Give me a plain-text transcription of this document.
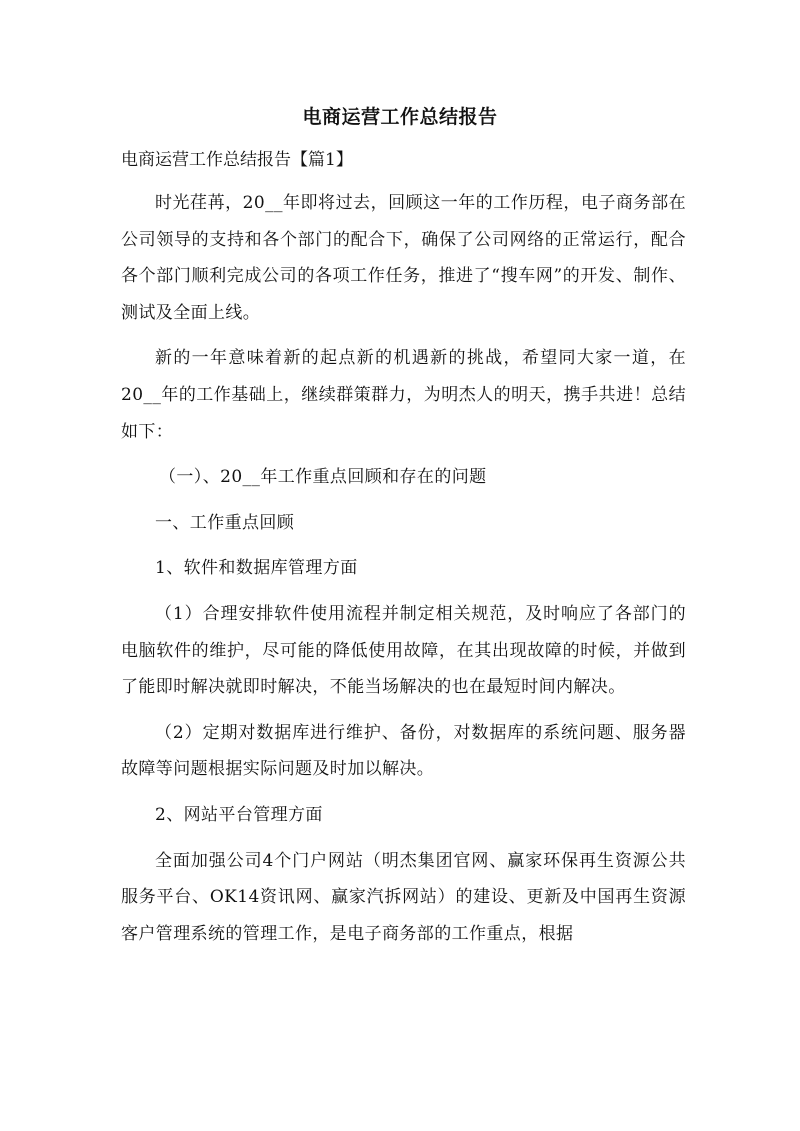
电商运营工作总结报告
电商运营工作总结报告【篇1】

时光荏苒，20__年即将过去，回顾这一年的工作历程，电子商务部在公司领导的支持和各个部门的配合下，确保了公司网络的正常运行，配合各个部门顺利完成公司的各项工作任务，推进了“搜车网”的开发、制作、测试及全面上线。

新的一年意味着新的起点新的机遇新的挑战，希望同大家一道，在20__年的工作基础上，继续群策群力，为明杰人的明天，携手共进！总结如下：

（一）、20__年工作重点回顾和存在的问题

一、工作重点回顾

1、软件和数据库管理方面

（1）合理安排软件使用流程并制定相关规范，及时响应了各部门的电脑软件的维护，尽可能的降低使用故障，在其出现故障的时候，并做到了能即时解决就即时解决，不能当场解决的也在最短时间内解决。

（2）定期对数据库进行维护、备份，对数据库的系统问题、服务器故障等问题根据实际问题及时加以解决。

2、网站平台管理方面

全面加强公司4个门户网站（明杰集团官网、赢家环保再生资源公共服务平台、OK14资讯网、赢家汽拆网站）的建设、更新及中国再生资源客户管理系统的管理工作，是电子商务部的工作重点，根据
